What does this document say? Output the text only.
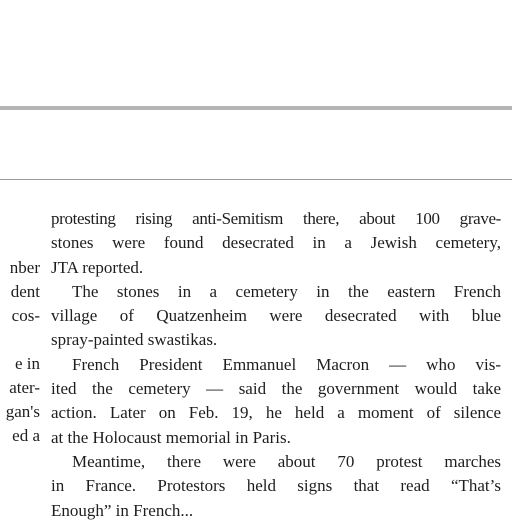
nber
dent
cos-
e in
ater-
gan's
ed a
protesting rising anti-Semitism there, about 100 grave-
stones were found desecrated in a Jewish cemetery,
JTA reported.
The stones in a cemetery in the eastern French
village of Quatzenheim were desecrated with blue
spray-painted swastikas.
French President Emmanuel Macron — who vis-
ited the cemetery — said the government would take
action. Later on Feb. 19, he held a moment of silence
at the Holocaust memorial in Paris.
Meantime, there were about 70 protest marches
in France. Protestors held signs that read “That’s
Enough” in French...
